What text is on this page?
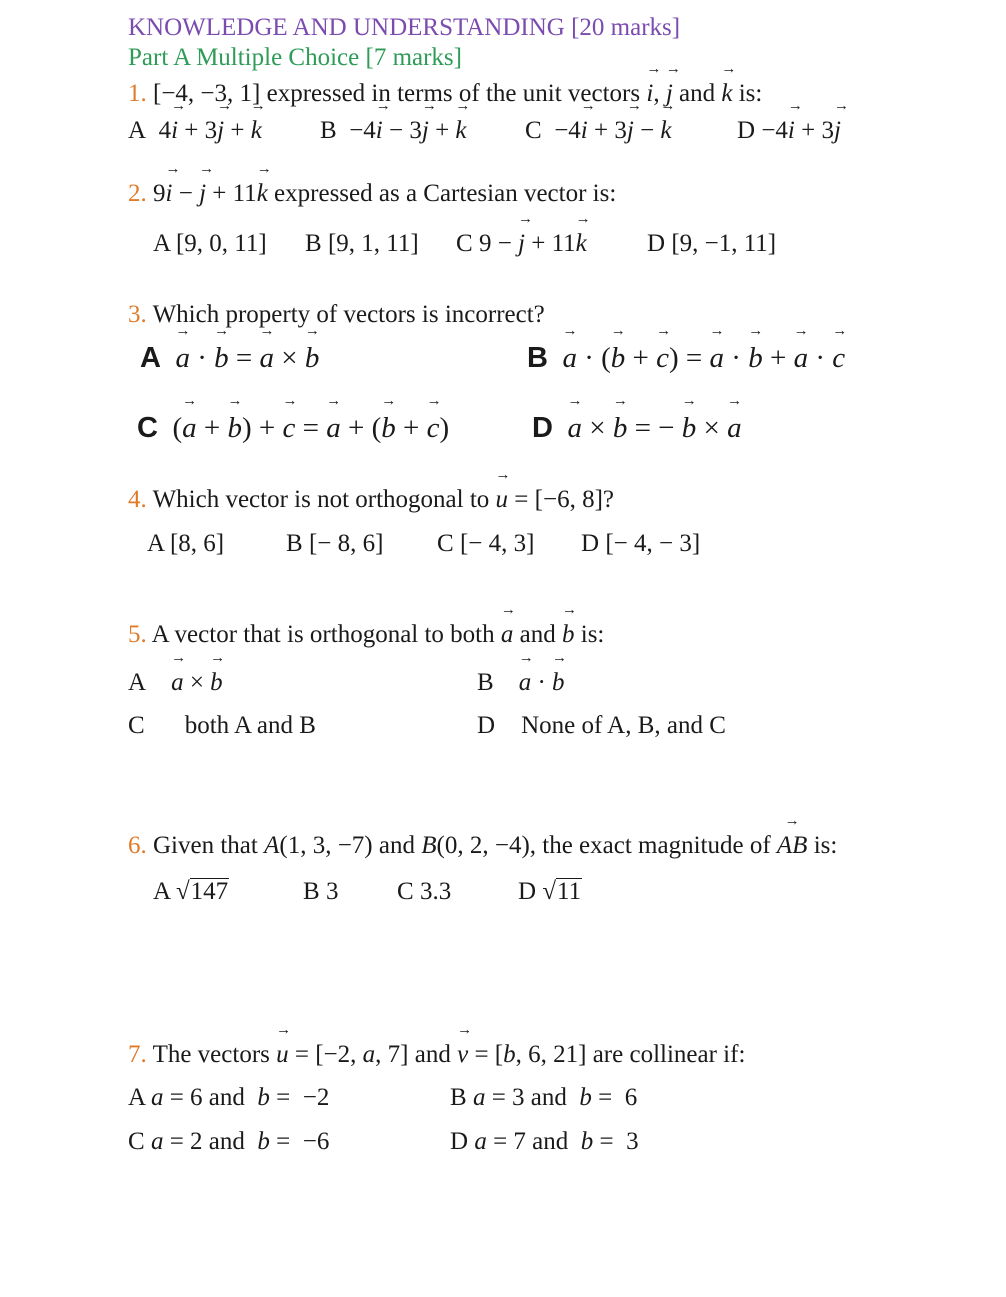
KNOWLEDGE AND UNDERSTANDING [20 marks]
Part A Multiple Choice [7 marks]
1. [−4, −3, 1] expressed in terms of the unit vectors i →, j → and k → is:
A  4i → + 3j → + k → B  −4i → − 3j → + k → C  −4i → + 3j → − k →	D −4i → + 3j →
2. 9i → − j → + 11k → expressed as a Cartesian vector is:
A [9, 0, 11] B [9, 1, 11] C 9 − j → + 11k → D [9, −1, 11]
3. Which property of vectors is incorrect?
A a → · b → = a → × b →	B a → · (b → + c →) = a → · b → + a → · c →
C  (a → + b →) + c → = a → + (b → + c →)	D a → × b → = − b → × a →
4. Which vector is not orthogonal to u → = [−6, 8]?
A [8, 6] B [− 8, 6] C [− 4, 3] D [− 4, − 3]
5. A vector that is orthogonal to both a → and b → is:
A a → × b →	B a → · b →
C both A and B	D None of A, B, and C
6. Given that A(1, 3, −7) and B(0, 2, −4), the exact magnitude of AB → is:
A √147	B 3 C 3.3	D √11
7. The vectors u → = [−2, a, 7] and v → = [b, 6, 21] are collinear if:
A a = 6 and  b =  −2	B a = 3 and  b =  6
C a = 2 and  b =  −6	D a = 7 and  b =  3
